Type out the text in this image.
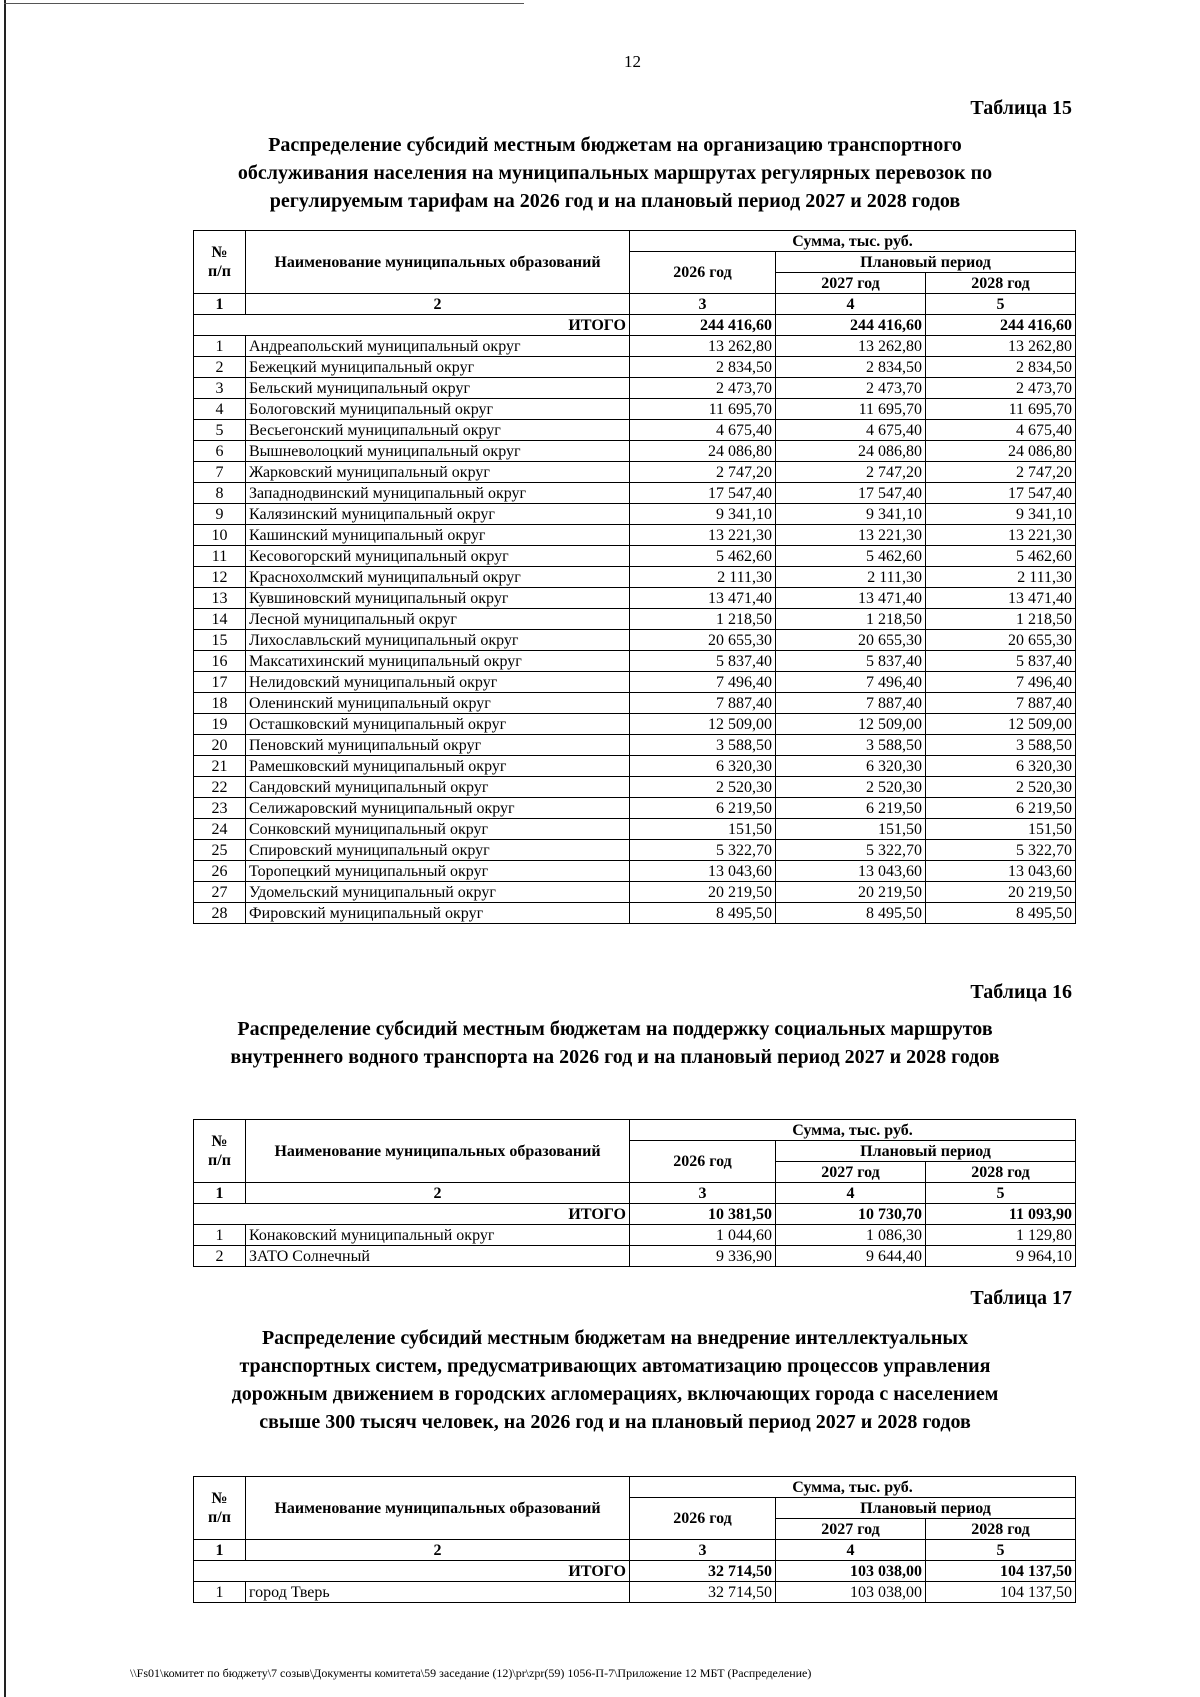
12
Таблица 15
Распределение субсидий местным бюджетам на организацию транспортного
обслуживания населения на муниципальных маршрутах регулярных перевозок по
регулируемым тарифам на 2026 год и на плановый период 2027 и 2028 годов
№
п/п	Наименование муниципальных образований	Сумма, тыс. руб.		
		2026 год	Плановый период	
			2027 год	2028 год
1	2	3	4	5
ИТОГО		244 416,60	244 416,60	244 416,60
1	Андреапольский муниципальный округ	13 262,80	13 262,80	13 262,80
2	Бежецкий муниципальный округ	2 834,50	2 834,50	2 834,50
3	Бельский муниципальный округ	2 473,70	2 473,70	2 473,70
4	Бологовский муниципальный округ	11 695,70	11 695,70	11 695,70
5	Весьегонский муниципальный округ	4 675,40	4 675,40	4 675,40
6	Вышневолоцкий муниципальный округ	24 086,80	24 086,80	24 086,80
7	Жарковский муниципальный округ	2 747,20	2 747,20	2 747,20
8	Западнодвинский муниципальный округ	17 547,40	17 547,40	17 547,40
9	Калязинский муниципальный округ	9 341,10	9 341,10	9 341,10
10	Кашинский муниципальный округ	13 221,30	13 221,30	13 221,30
11	Кесовогорский муниципальный округ	5 462,60	5 462,60	5 462,60
12	Краснохолмский муниципальный округ	2 111,30	2 111,30	2 111,30
13	Кувшиновский муниципальный округ	13 471,40	13 471,40	13 471,40
14	Лесной муниципальный округ	1 218,50	1 218,50	1 218,50
15	Лихославльский муниципальный округ	20 655,30	20 655,30	20 655,30
16	Максатихинский муниципальный округ	5 837,40	5 837,40	5 837,40
17	Нелидовский муниципальный округ	7 496,40	7 496,40	7 496,40
18	Оленинский муниципальный округ	7 887,40	7 887,40	7 887,40
19	Осташковский муниципальный округ	12 509,00	12 509,00	12 509,00
20	Пеновский муниципальный округ	3 588,50	3 588,50	3 588,50
21	Рамешковский муниципальный округ	6 320,30	6 320,30	6 320,30
22	Сандовский муниципальный округ	2 520,30	2 520,30	2 520,30
23	Селижаровский муниципальный округ	6 219,50	6 219,50	6 219,50
24	Сонковский муниципальный округ	151,50	151,50	151,50
25	Спировский муниципальный округ	5 322,70	5 322,70	5 322,70
26	Торопецкий муниципальный округ	13 043,60	13 043,60	13 043,60
27	Удомельский муниципальный округ	20 219,50	20 219,50	20 219,50
28	Фировский муниципальный округ	8 495,50	8 495,50	8 495,50
Таблица 16
Распределение субсидий местным бюджетам на поддержку социальных маршрутов
внутреннего водного транспорта на 2026 год и на плановый период 2027 и 2028 годов
№
п/п	Наименование муниципальных образований	Сумма, тыс. руб.		
		2026 год	Плановый период	
			2027 год	2028 год
1	2	3	4	5
ИТОГО		10 381,50	10 730,70	11 093,90
1	Конаковский муниципальный округ	1 044,60	1 086,30	1 129,80
2	ЗАТО Солнечный	9 336,90	9 644,40	9 964,10
Таблица 17
Распределение субсидий местным бюджетам на внедрение интеллектуальных
транспортных систем, предусматривающих автоматизацию процессов управления
дорожным движением в городских агломерациях, включающих города с населением
свыше 300 тысяч человек, на 2026 год и на плановый период 2027 и 2028 годов
№
п/п	Наименование муниципальных образований	Сумма, тыс. руб.		
		2026 год	Плановый период	
			2027 год	2028 год
1	2	3	4	5
ИТОГО		32 714,50	103 038,00	104 137,50
1	город Тверь	32 714,50	103 038,00	104 137,50
\\Fs01\комитет по бюджету\7 созыв\Документы комитета\59 заседание (12)\pr\zpr(59) 1056-П-7\Приложение 12 МБТ (Распределение)
